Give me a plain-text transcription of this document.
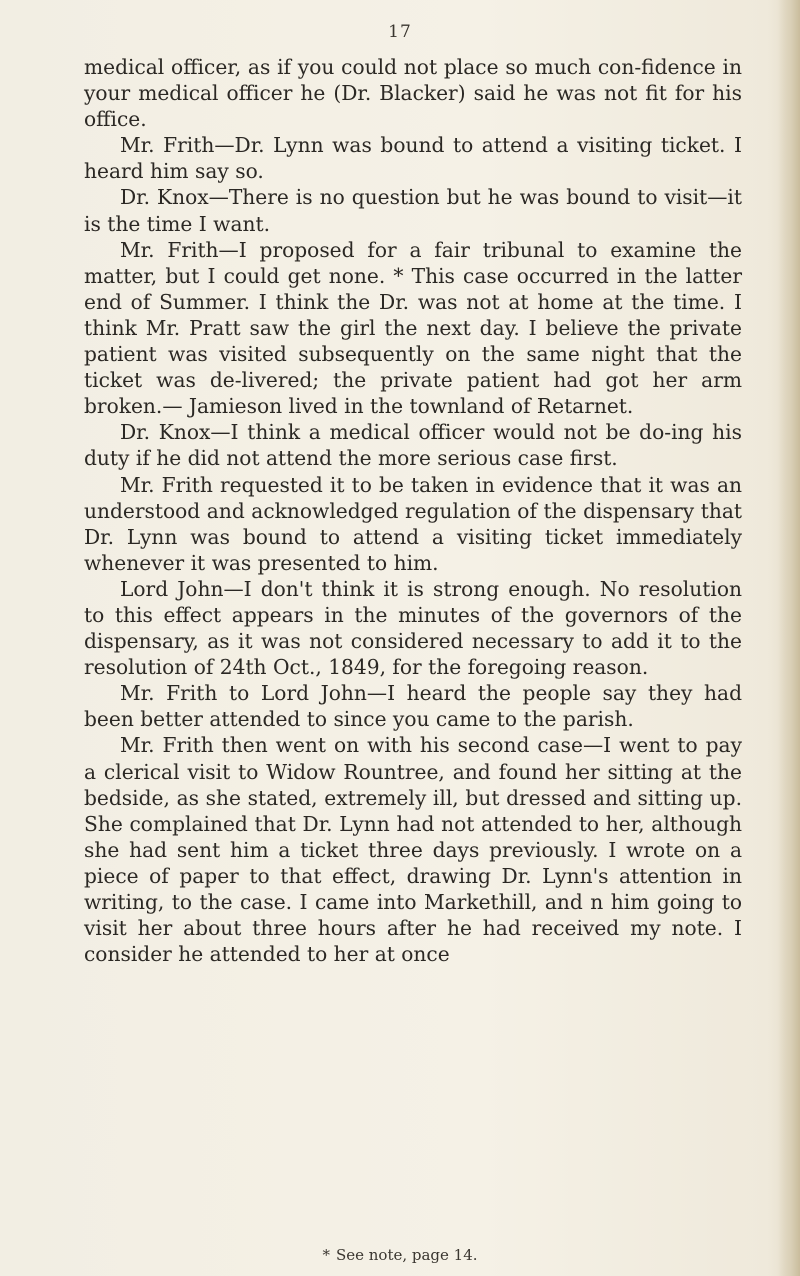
17

medical officer, as if you could not place so much con-fidence in your medical officer he (Dr. Blacker) said he was not fit for his office.

Mr. Frith—Dr. Lynn was bound to attend a visiting ticket. I heard him say so.

Dr. Knox—There is no question but he was bound to visit—it is the time I want.

Mr. Frith—I proposed for a fair tribunal to examine the matter, but I could get none. * This case occurred in the latter end of Summer. I think the Dr. was not at home at the time. I think Mr. Pratt saw the girl the next day. I believe the private patient was visited subsequently on the same night that the ticket was de-livered; the private patient had got her arm broken.— Jamieson lived in the townland of Retarnet.

Dr. Knox—I think a medical officer would not be do-ing his duty if he did not attend the more serious case first.

Mr. Frith requested it to be taken in evidence that it was an understood and acknowledged regulation of the dispensary that Dr. Lynn was bound to attend a visiting ticket immediately whenever it was presented to him.

Lord John—I don't think it is strong enough. No resolution to this effect appears in the minutes of the governors of the dispensary, as it was not considered necessary to add it to the resolution of 24th Oct., 1849, for the foregoing reason.

Mr. Frith to Lord John—I heard the people say they had been better attended to since you came to the parish.

Mr. Frith then went on with his second case—I went to pay a clerical visit to Widow Rountree, and found her sitting at the bedside, as she stated, extremely ill, but dressed and sitting up. She complained that Dr. Lynn had not attended to her, although she had sent him a ticket three days previously. I wrote on a piece of paper to that effect, drawing Dr. Lynn's attention in writing, to the case. I came into Markethill, and n him going to visit her about three hours after he had received my note. I consider he attended to her at once

* See note, page 14.
